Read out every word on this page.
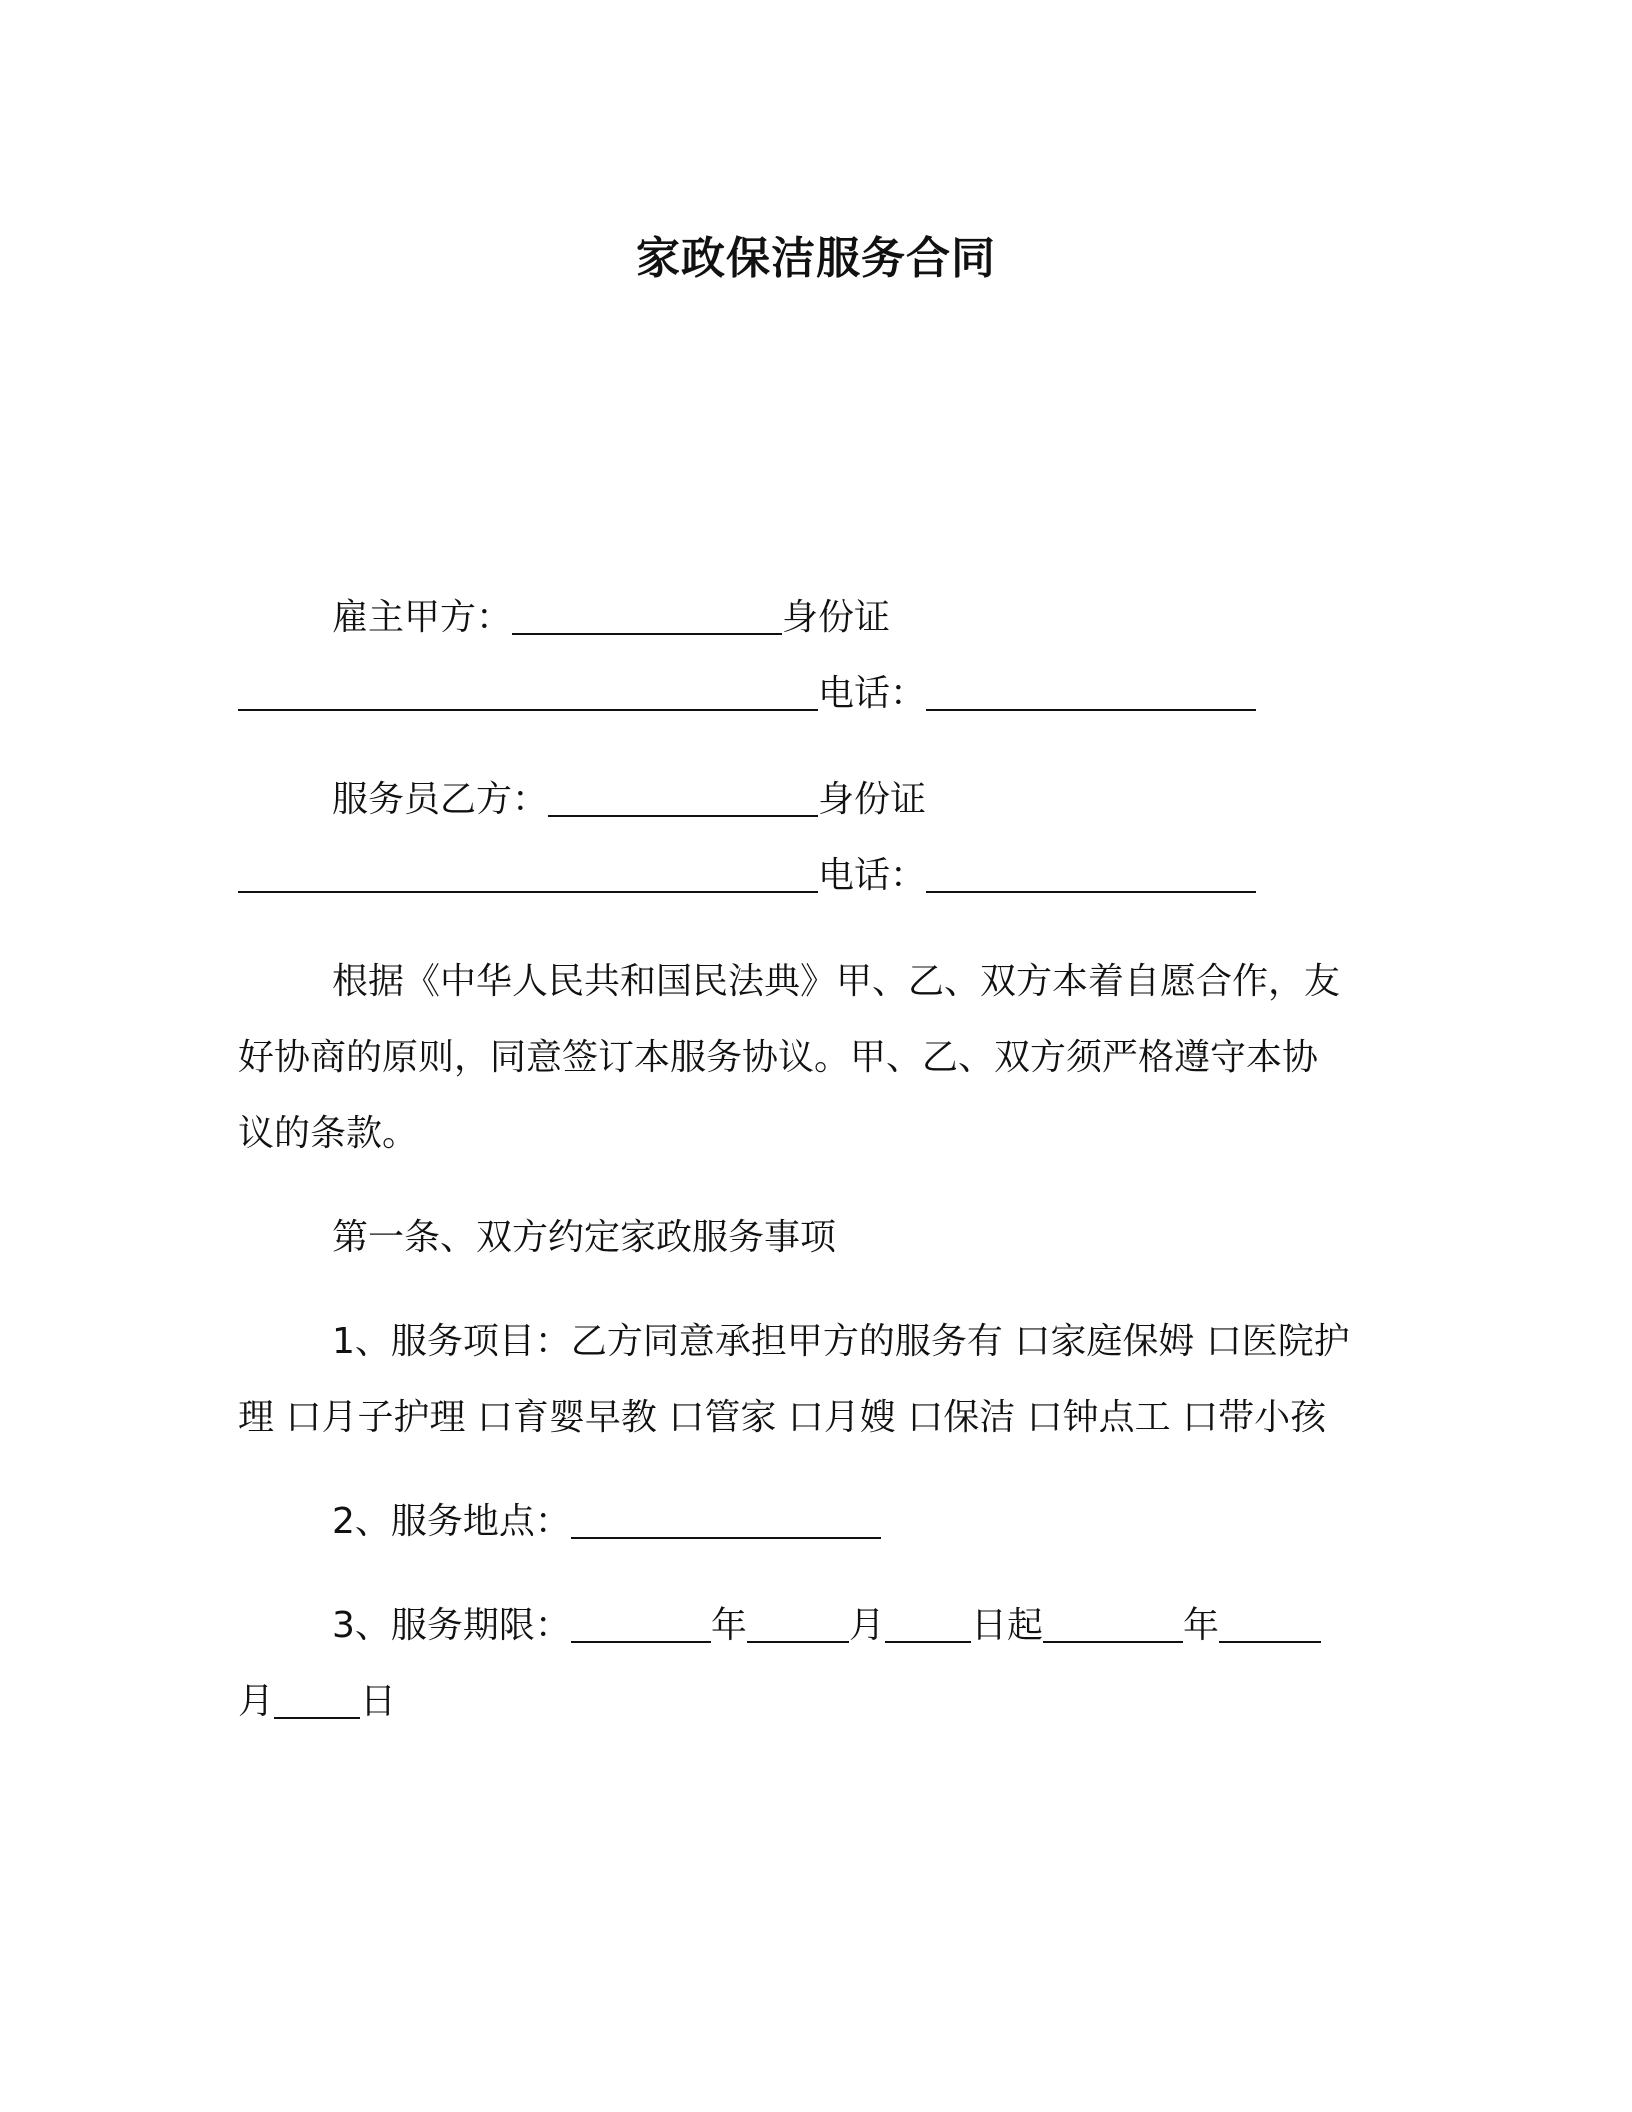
家政保洁服务合同
雇主甲方：	身份证
电话：
服务员乙方：	身份证
电话：
根据《中华人民共和国民法典》甲、乙、双方本着自愿合作，友
好协商的原则，同意签订本服务协议。甲、乙、双方须严格遵守本协
议的条款。
第一条、双方约定家政服务事项
1、服务项目：乙方同意承担甲方的服务有 口家庭保姆 口医院护
理 口月子护理 口育婴早教 口管家 口月嫂 口保洁 口钟点工 口带小孩
2、服务地点：
3、服务期限：	年	月 日起	年
月 日
